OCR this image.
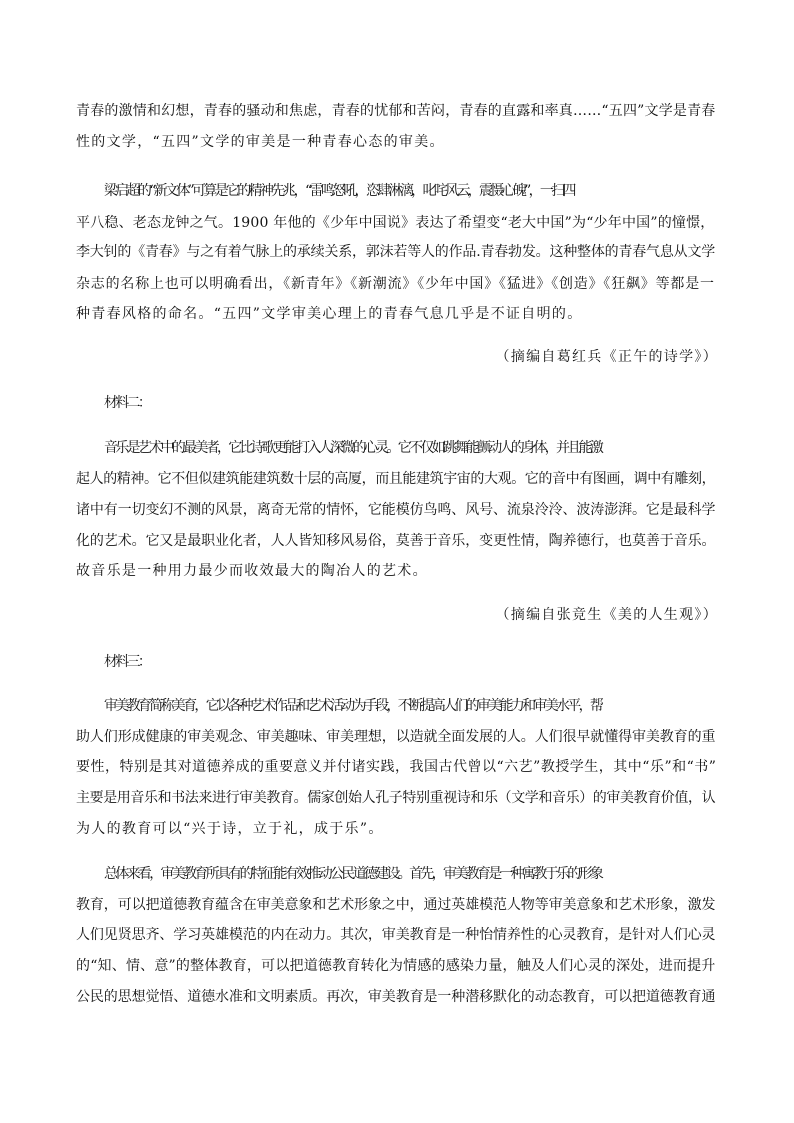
青春的激情和幻想，青春的骚动和焦虑，青春的忧郁和苦闷，青春的直露和率真……“五四”文学是青春
性的文学，“五四”文学的审美是一种青春心态的审美。
梁启超的“新文体”可算是它的精神先兆，“雷鸣怒吼，恣肆淋漓，叱咤风云，震慑心魄”，一扫四
平八稳、老态龙钟之气。1900 年他的《少年中国说》表达了希望变“老大中国”为“少年中国”的憧憬，
李大钊的《青春》与之有着气脉上的承续关系，郭沫若等人的作品.青春勃发。这种整体的青春气息从文学
杂志的名称上也可以明确看出，《新青年》《新潮流》《少年中国》《猛进》《创造》《狂飙》等都是一
种青春风格的命名。“五四”文学审美心理上的青春气息几乎是不证自明的。
（摘编自葛红兵《正午的诗学》）
材料二：
音乐是艺术中的最美者，它比诗歌更能打入人深微的心灵。它不仅如跳舞能颤动人的身体，并且能激
起人的精神。它不但似建筑能建筑数十层的高厦，而且能建筑宇宙的大观。它的音中有图画，调中有雕刻，
诸中有一切变幻不测的风景，离奇无常的情怀，它能模仿鸟鸣、风号、流泉泠泠、波涛澎湃。它是最科学
化的艺术。它又是最职业化者，人人皆知移风易俗，莫善于音乐，变更性情，陶养德行，也莫善于音乐。
故音乐是一种用力最少而收效最大的陶冶人的艺术。
（摘编自张竞生《美的人生观》）
材料三：
审美教育简称美育，它以各种艺术作品和艺术活动为手段，不断提高人们的审美能力和审美水平，帮
助人们形成健康的审美观念、审美趣味、审美理想，以造就全面发展的人。人们很早就懂得审美教育的重
要性，特别是其对道德养成的重要意义并付诸实践，我国古代曾以“六艺”教授学生，其中“乐”和“书”
主要是用音乐和书法来进行审美教育。儒家创始人孔子特别重视诗和乐（文学和音乐）的审美教育价值，认
为人的教育可以“兴于诗，立于礼，成于乐”。
总体来看，审美教育所具有的特征能有效推动公民道德建设。首先，审美教育是一种寓教于乐的形象
教育，可以把道德教育蕴含在审美意象和艺术形象之中，通过英雄模范人物等审美意象和艺术形象，激发
人们见贤思齐、学习英雄模范的内在动力。其次，审美教育是一种怡情养性的心灵教育，是针对人们心灵
的“知、情、意”的整体教育，可以把道德教育转化为情感的感染力量，触及人们心灵的深处，进而提升
公民的思想觉悟、道德水准和文明素质。再次，审美教育是一种潜移默化的动态教育，可以把道德教育通
